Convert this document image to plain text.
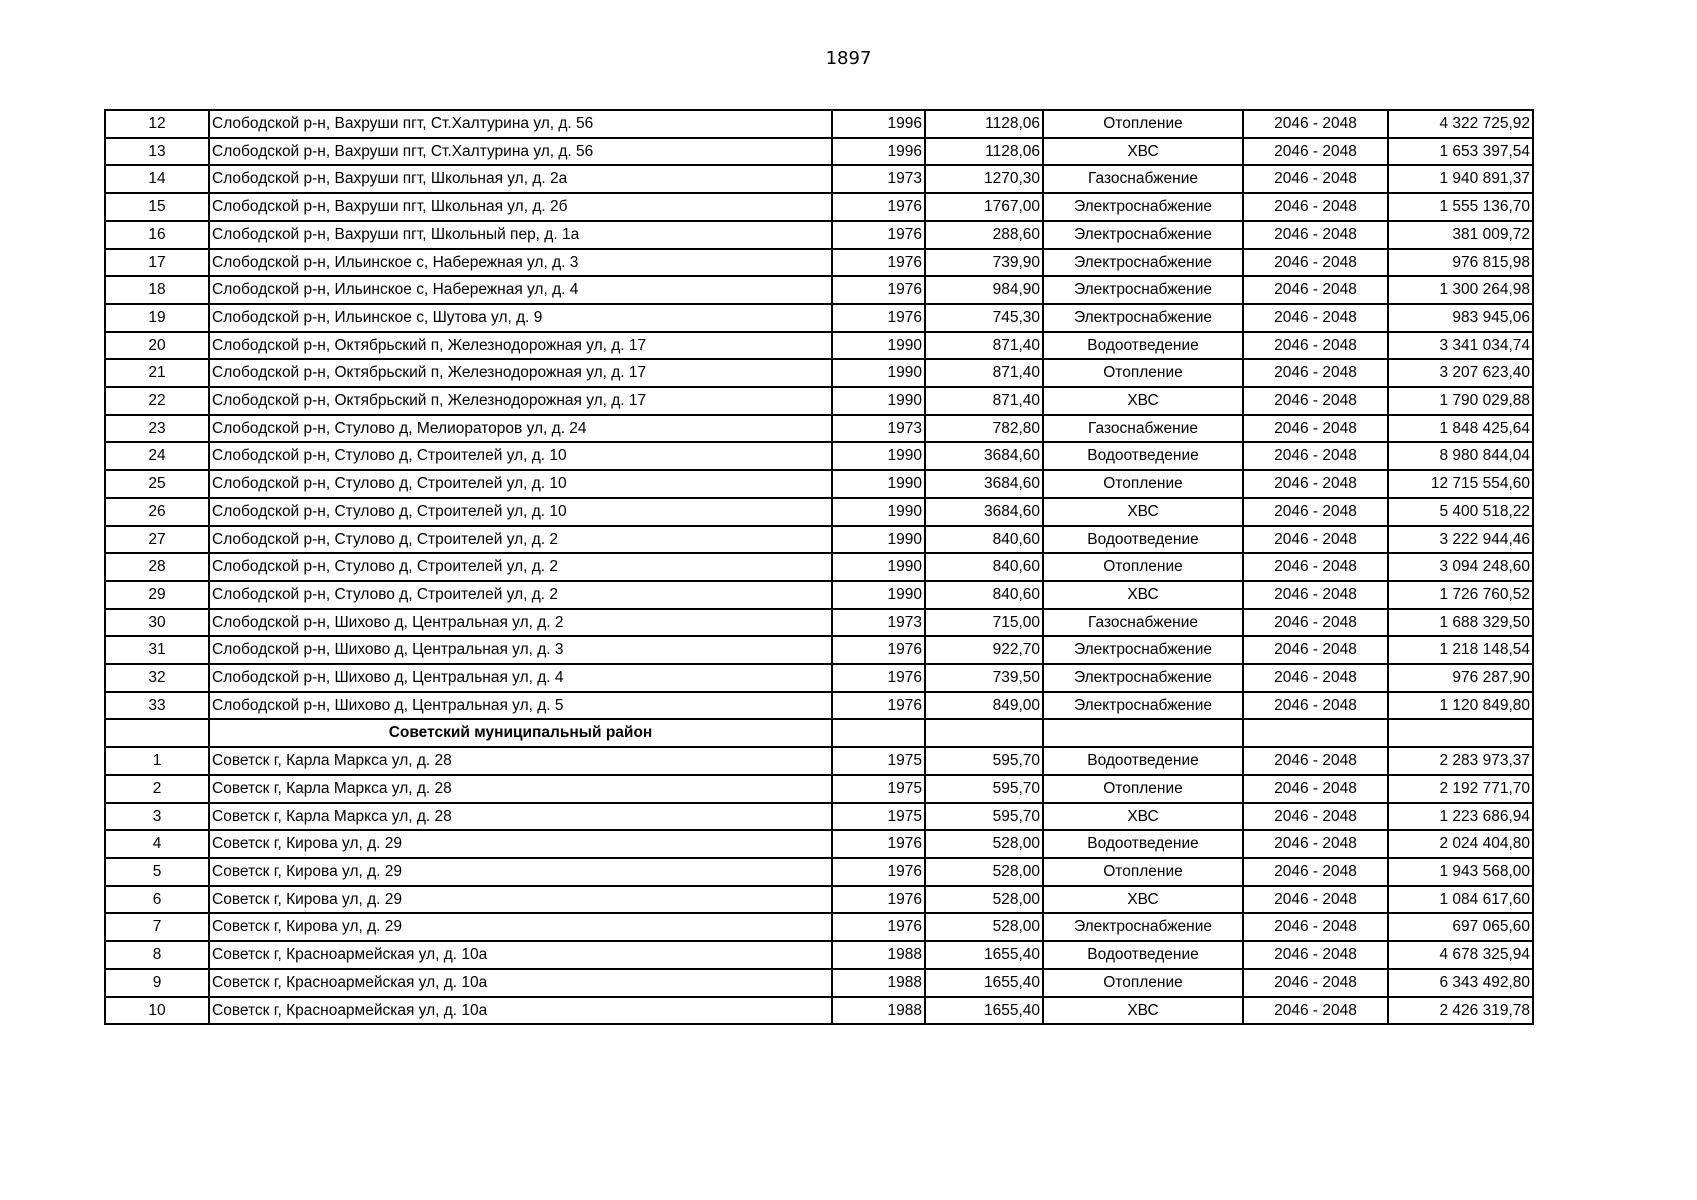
1897
12	Слободской р-н, Вахруши пгт, Ст.Халтурина ул, д. 56	1996	1128,06	Отопление	2046 - 2048	4 322 725,92
13	Слободской р-н, Вахруши пгт, Ст.Халтурина ул, д. 56	1996	1128,06	ХВС	2046 - 2048	1 653 397,54
14	Слободской р-н, Вахруши пгт, Школьная ул, д. 2а	1973	1270,30	Газоснабжение	2046 - 2048	1 940 891,37
15	Слободской р-н, Вахруши пгт, Школьная ул, д. 2б	1976	1767,00	Электроснабжение	2046 - 2048	1 555 136,70
16	Слободской р-н, Вахруши пгт, Школьный пер, д. 1а	1976	288,60	Электроснабжение	2046 - 2048	381 009,72
17	Слободской р-н, Ильинское с, Набережная ул, д. 3	1976	739,90	Электроснабжение	2046 - 2048	976 815,98
18	Слободской р-н, Ильинское с, Набережная ул, д. 4	1976	984,90	Электроснабжение	2046 - 2048	1 300 264,98
19	Слободской р-н, Ильинское с, Шутова ул, д. 9	1976	745,30	Электроснабжение	2046 - 2048	983 945,06
20	Слободской р-н, Октябрьский п, Железнодорожная ул, д. 17	1990	871,40	Водоотведение	2046 - 2048	3 341 034,74
21	Слободской р-н, Октябрьский п, Железнодорожная ул, д. 17	1990	871,40	Отопление	2046 - 2048	3 207 623,40
22	Слободской р-н, Октябрьский п, Железнодорожная ул, д. 17	1990	871,40	ХВС	2046 - 2048	1 790 029,88
23	Слободской р-н, Стулово д, Мелиораторов ул, д. 24	1973	782,80	Газоснабжение	2046 - 2048	1 848 425,64
24	Слободской р-н, Стулово д, Строителей ул, д. 10	1990	3684,60	Водоотведение	2046 - 2048	8 980 844,04
25	Слободской р-н, Стулово д, Строителей ул, д. 10	1990	3684,60	Отопление	2046 - 2048	12 715 554,60
26	Слободской р-н, Стулово д, Строителей ул, д. 10	1990	3684,60	ХВС	2046 - 2048	5 400 518,22
27	Слободской р-н, Стулово д, Строителей ул, д. 2	1990	840,60	Водоотведение	2046 - 2048	3 222 944,46
28	Слободской р-н, Стулово д, Строителей ул, д. 2	1990	840,60	Отопление	2046 - 2048	3 094 248,60
29	Слободской р-н, Стулово д, Строителей ул, д. 2	1990	840,60	ХВС	2046 - 2048	1 726 760,52
30	Слободской р-н, Шихово д, Центральная ул, д. 2	1973	715,00	Газоснабжение	2046 - 2048	1 688 329,50
31	Слободской р-н, Шихово д, Центральная ул, д. 3	1976	922,70	Электроснабжение	2046 - 2048	1 218 148,54
32	Слободской р-н, Шихово д, Центральная ул, д. 4	1976	739,50	Электроснабжение	2046 - 2048	976 287,90
33	Слободской р-н, Шихово д, Центральная ул, д. 5	1976	849,00	Электроснабжение	2046 - 2048	1 120 849,80
	Советский муниципальный район					
1	Советск г, Карла Маркса ул, д. 28	1975	595,70	Водоотведение	2046 - 2048	2 283 973,37
2	Советск г, Карла Маркса ул, д. 28	1975	595,70	Отопление	2046 - 2048	2 192 771,70
3	Советск г, Карла Маркса ул, д. 28	1975	595,70	ХВС	2046 - 2048	1 223 686,94
4	Советск г, Кирова ул, д. 29	1976	528,00	Водоотведение	2046 - 2048	2 024 404,80
5	Советск г, Кирова ул, д. 29	1976	528,00	Отопление	2046 - 2048	1 943 568,00
6	Советск г, Кирова ул, д. 29	1976	528,00	ХВС	2046 - 2048	1 084 617,60
7	Советск г, Кирова ул, д. 29	1976	528,00	Электроснабжение	2046 - 2048	697 065,60
8	Советск г, Красноармейская ул, д. 10а	1988	1655,40	Водоотведение	2046 - 2048	4 678 325,94
9	Советск г, Красноармейская ул, д. 10а	1988	1655,40	Отопление	2046 - 2048	6 343 492,80
10	Советск г, Красноармейская ул, д. 10а	1988	1655,40	ХВС	2046 - 2048	2 426 319,78
